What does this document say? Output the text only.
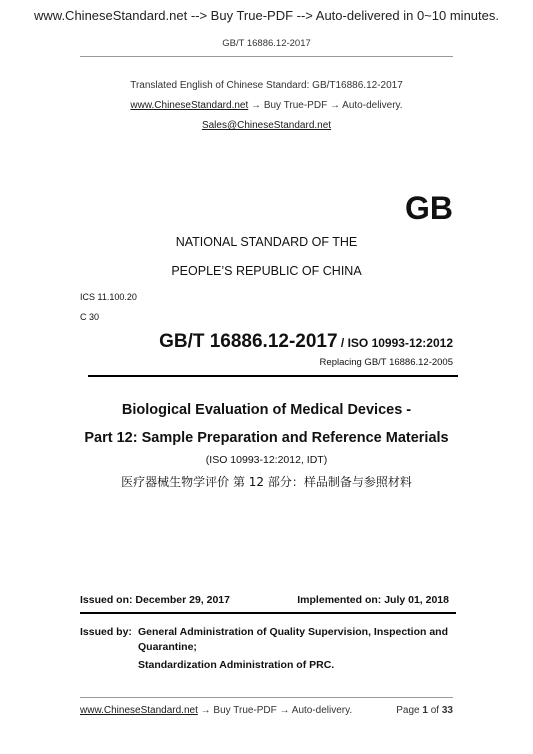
www.ChineseStandard.net --> Buy True-PDF --> Auto-delivered in 0~10 minutes.
GB/T 16886.12-2017
Translated English of Chinese Standard: GB/T16886.12-2017
www.ChineseStandard.net → Buy True-PDF → Auto-delivery.
Sales@ChineseStandard.net
GB
NATIONAL STANDARD OF THE
PEOPLE’S REPUBLIC OF CHINA
ICS 11.100.20
C 30
GB/T 16886.12-2017 / ISO 10993-12:2012
Replacing GB/T 16886.12-2005
Biological Evaluation of Medical Devices -
Part 12: Sample Preparation and Reference Materials
(ISO 10993-12:2012, IDT)
医疗器械生物学评价 第 12 部分：样品制备与参照材料
Issued on: December 29, 2017	Implemented on: July 01, 2018
Issued by: General Administration of Quality Supervision, Inspection and
Quarantine;
Standardization Administration of PRC.
www.ChineseStandard.net → Buy True-PDF → Auto-delivery.	Page 1 of 33
